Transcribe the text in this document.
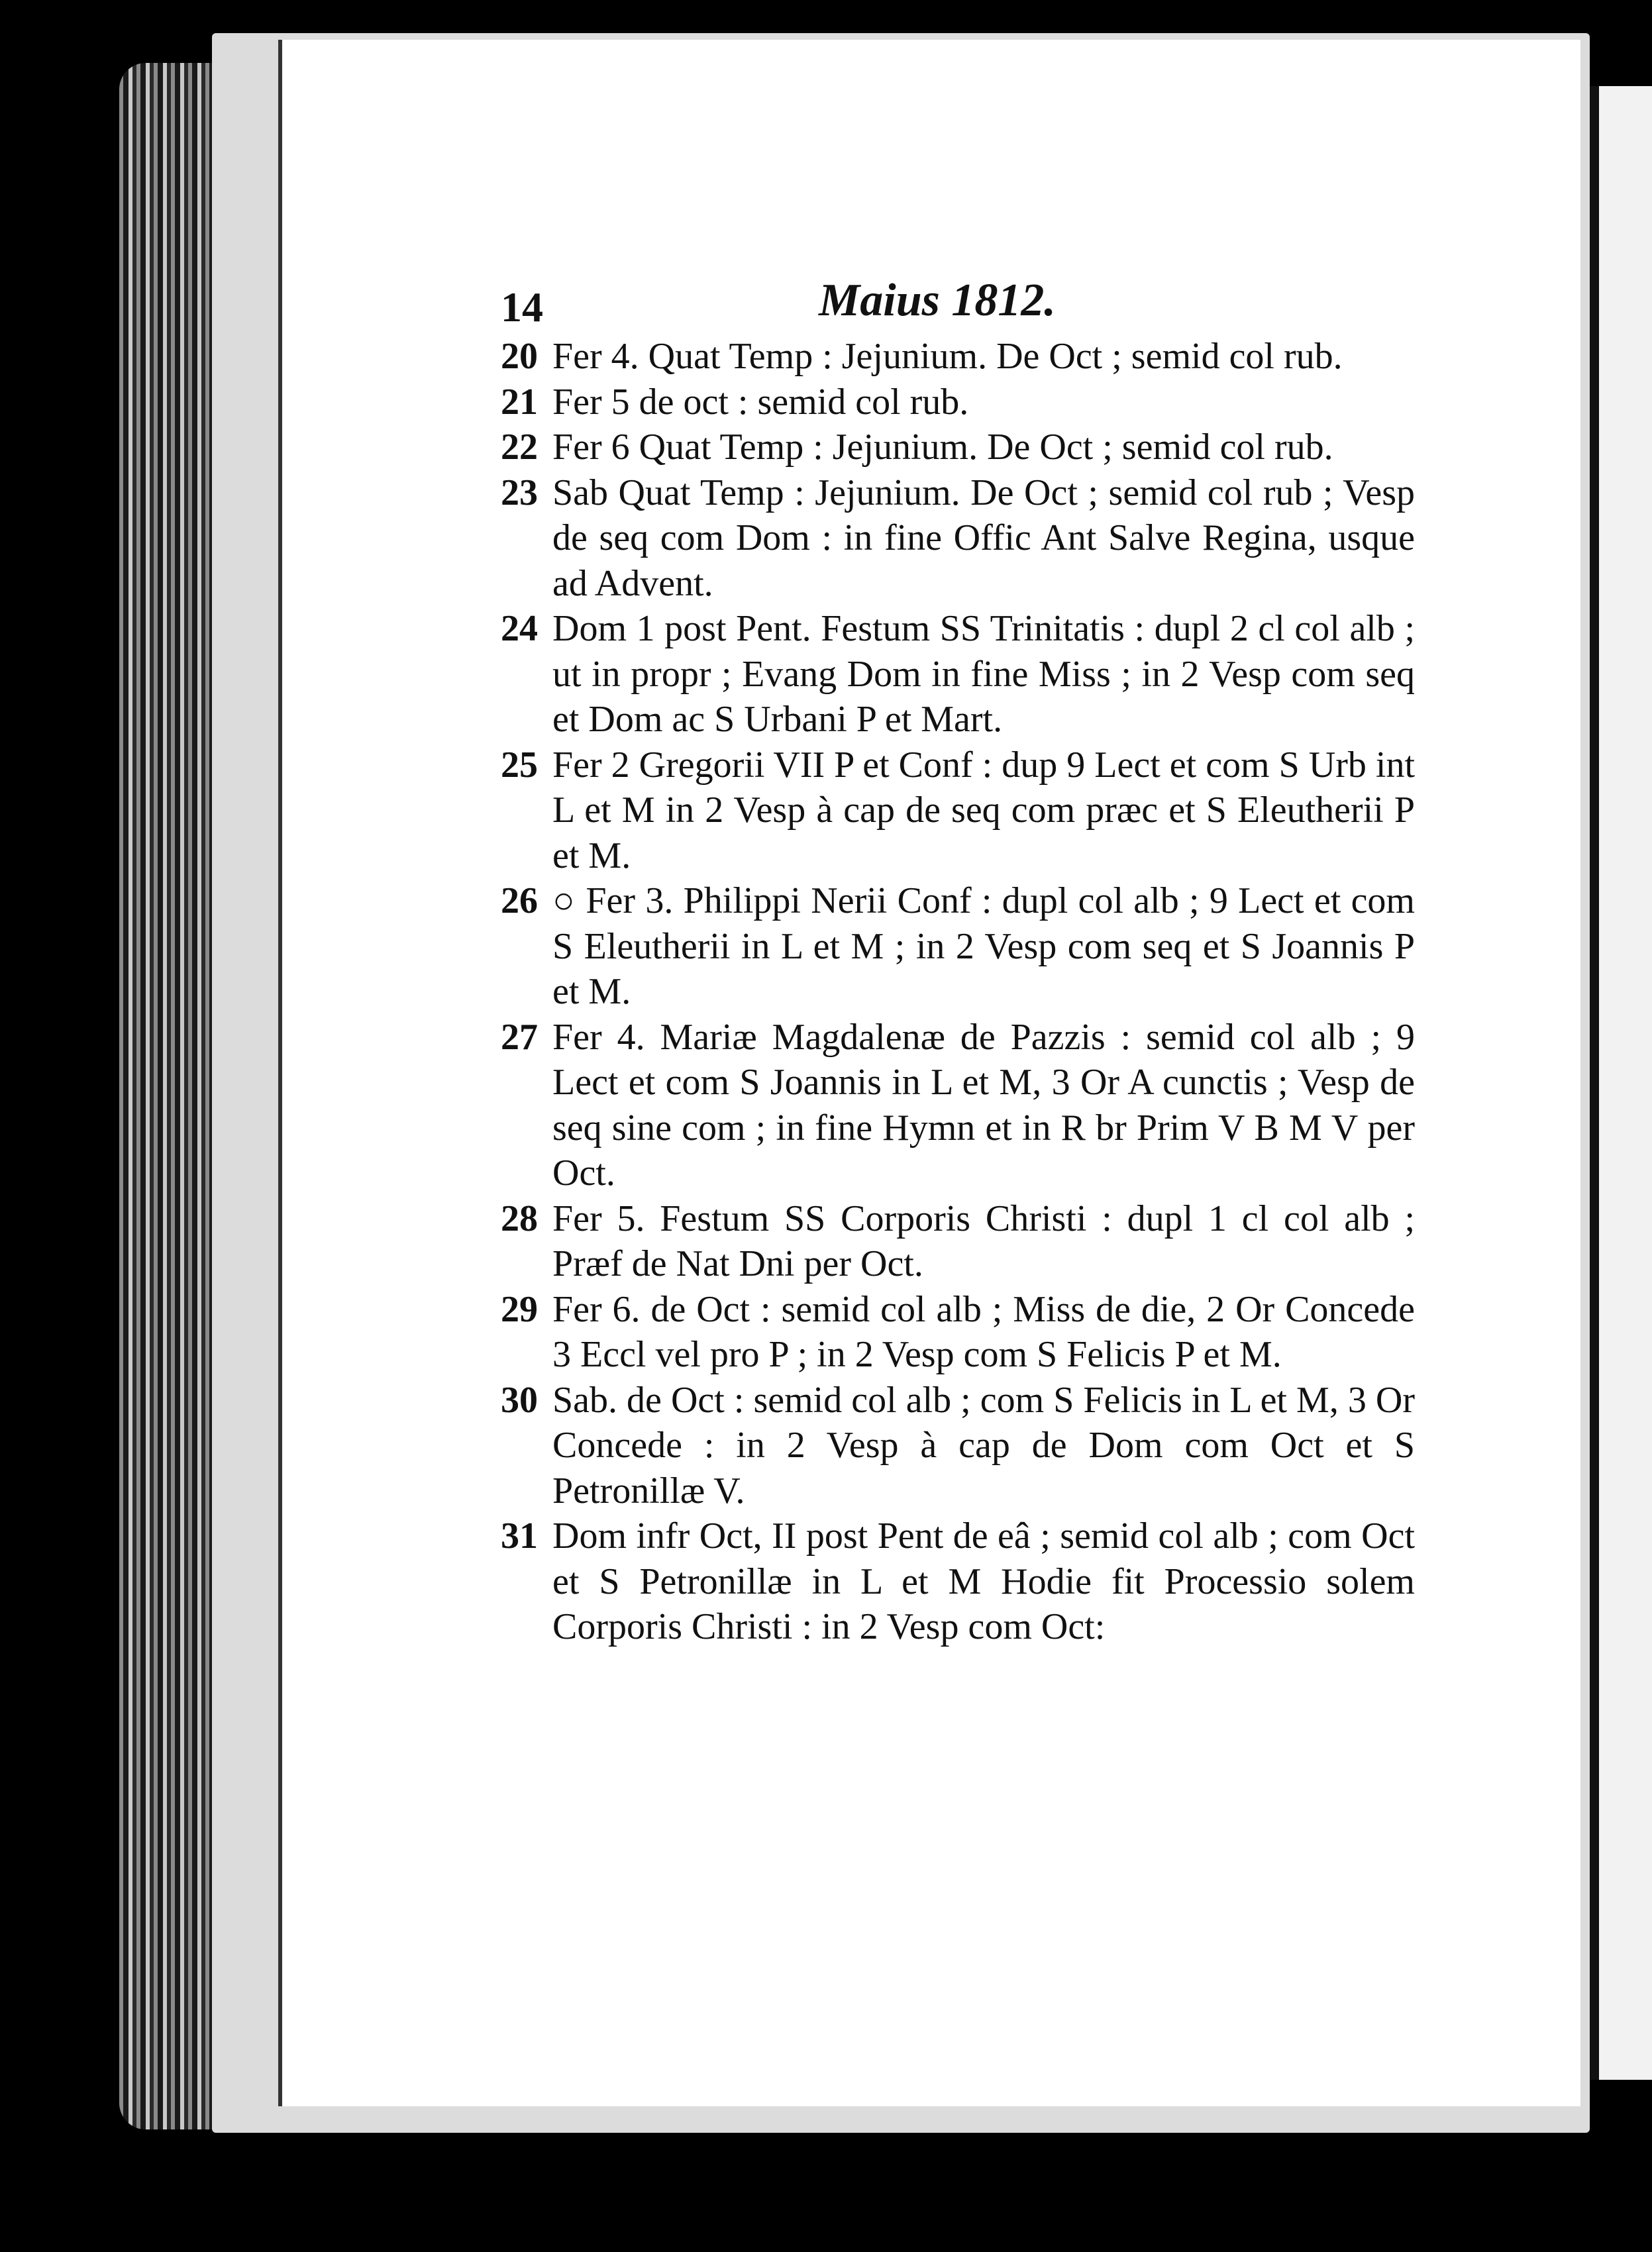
14	Maius 1812.
20 Fer 4. Quat Temp : Jejunium. De Oct ; semid col rub.
21 Fer 5 de oct : semid col rub.
22 Fer 6 Quat Temp : Jejunium. De Oct ; semid col rub.
23 Sab Quat Temp : Jejunium. De Oct ; semid col rub ; Vesp de seq com Dom : in fine Offic Ant Salve Regina, usque ad Advent.
24 Dom 1 post Pent. Festum SS Trinitatis : dupl 2 cl col alb ; ut in propr ; Evang Dom in fine Miss ; in 2 Vesp com seq et Dom ac S Urbani P et Mart.
25 Fer 2 Gregorii VII P et Conf : dup 9 Lect et com S Urb int L et M in 2 Vesp à cap de seq com præc et S Eleutherii P et M.
26 ○ Fer 3. Philippi Nerii Conf : dupl col alb ; 9 Lect et com S Eleutherii in L et M ; in 2 Vesp com seq et S Joannis P et M.
27 Fer 4. Mariæ Magdalenæ de Pazzis : semid col alb ; 9 Lect et com S Joannis in L et M, 3 Or A cunctis ; Vesp de seq sine com ; in fine Hymn et in R br Prim V B M V per Oct.
28 Fer 5. Festum SS Corporis Christi : dupl 1 cl col alb ; Præf de Nat Dni per Oct.
29 Fer 6. de Oct : semid col alb ; Miss de die, 2 Or Concede 3 Eccl vel pro P ; in 2 Vesp com S Felicis P et M.
30 Sab. de Oct : semid col alb ; com S Felicis in L et M, 3 Or Concede : in 2 Vesp à cap de Dom com Oct et S Petronillæ V.
31 Dom infr Oct, II post Pent de eâ ; semid col alb ; com Oct et S Petronillæ in L et M Hodie fit Processio solem Corporis Christi : in 2 Vesp com Oct:
